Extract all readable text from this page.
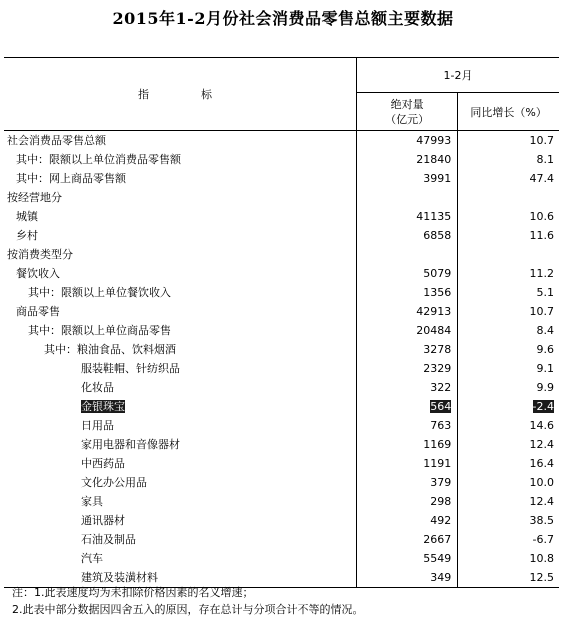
2015年1-2月份社会消费品零售总额主要数据
指　　标	1-2月	

	绝对量
（亿元）	同比增长（%）
社会消费品零售总额	47993	10.7
其中：限额以上单位消费品零售额	21840	8.1
其中：网上商品零售额	3991	47.4
按经营地分		
城镇	41135	10.6
乡村	6858	11.6
按消费类型分		
餐饮收入	5079	11.2
其中：限额以上单位餐饮收入	1356	5.1
商品零售	42913	10.7
其中：限额以上单位商品零售	20484	8.4
其中：粮油食品、饮料烟酒	3278	9.6
服装鞋帽、针纺织品	2329	9.1
化妆品	322	9.9
金银珠宝	564	-2.4
日用品	763	14.6
家用电器和音像器材	1169	12.4
中西药品	1191	16.4
文化办公用品	379	10.0
家具	298	12.4
通讯器材	492	38.5
石油及制品	2667	-6.7
汽车	5549	10.8
建筑及装潢材料	349	12.5
注：1.此表速度均为未扣除价格因素的名义增速；
2.此表中部分数据因四舍五入的原因，存在总计与分项合计不等的情况。
